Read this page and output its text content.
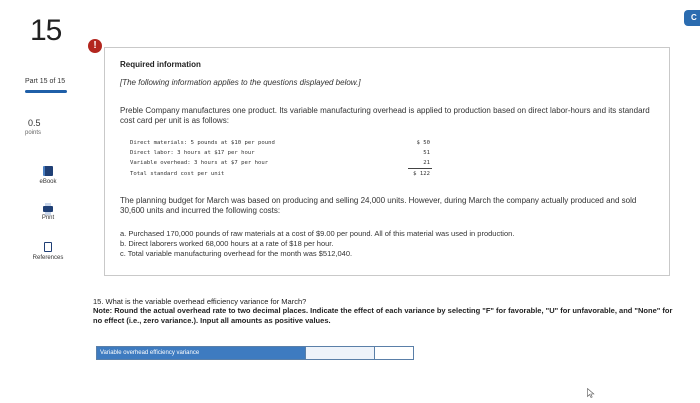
15	C
Part 15 of 15
0.5
points
eBook
Print
References
!
Required information
[The following information applies to the questions displayed below.]
Preble Company manufactures one product. Its variable manufacturing overhead is applied to production based on direct labor-hours and its standard cost card per unit is as follows:
Direct materials: 5 pounds at $10 per pound	$ 50
Direct labor: 3 hours at $17 per hour	51
Variable overhead: 3 hours at $7 per hour	21
Total standard cost per unit	$ 122
The planning budget for March was based on producing and selling 24,000 units. However, during March the company actually produced and sold 30,600 units and incurred the following costs:
a. Purchased 170,000 pounds of raw materials at a cost of $9.00 per pound. All of this material was used in production.
b. Direct laborers worked 68,000 hours at a rate of $18 per hour.
c. Total variable manufacturing overhead for the month was $512,040.
15. What is the variable overhead efficiency variance for March?
Note: Round the actual overhead rate to two decimal places. Indicate the effect of each variance by selecting "F" for favorable, "U" for unfavorable, and "None" for no effect (i.e., zero variance.). Input all amounts as positive values.
Variable overhead efficiency variance
